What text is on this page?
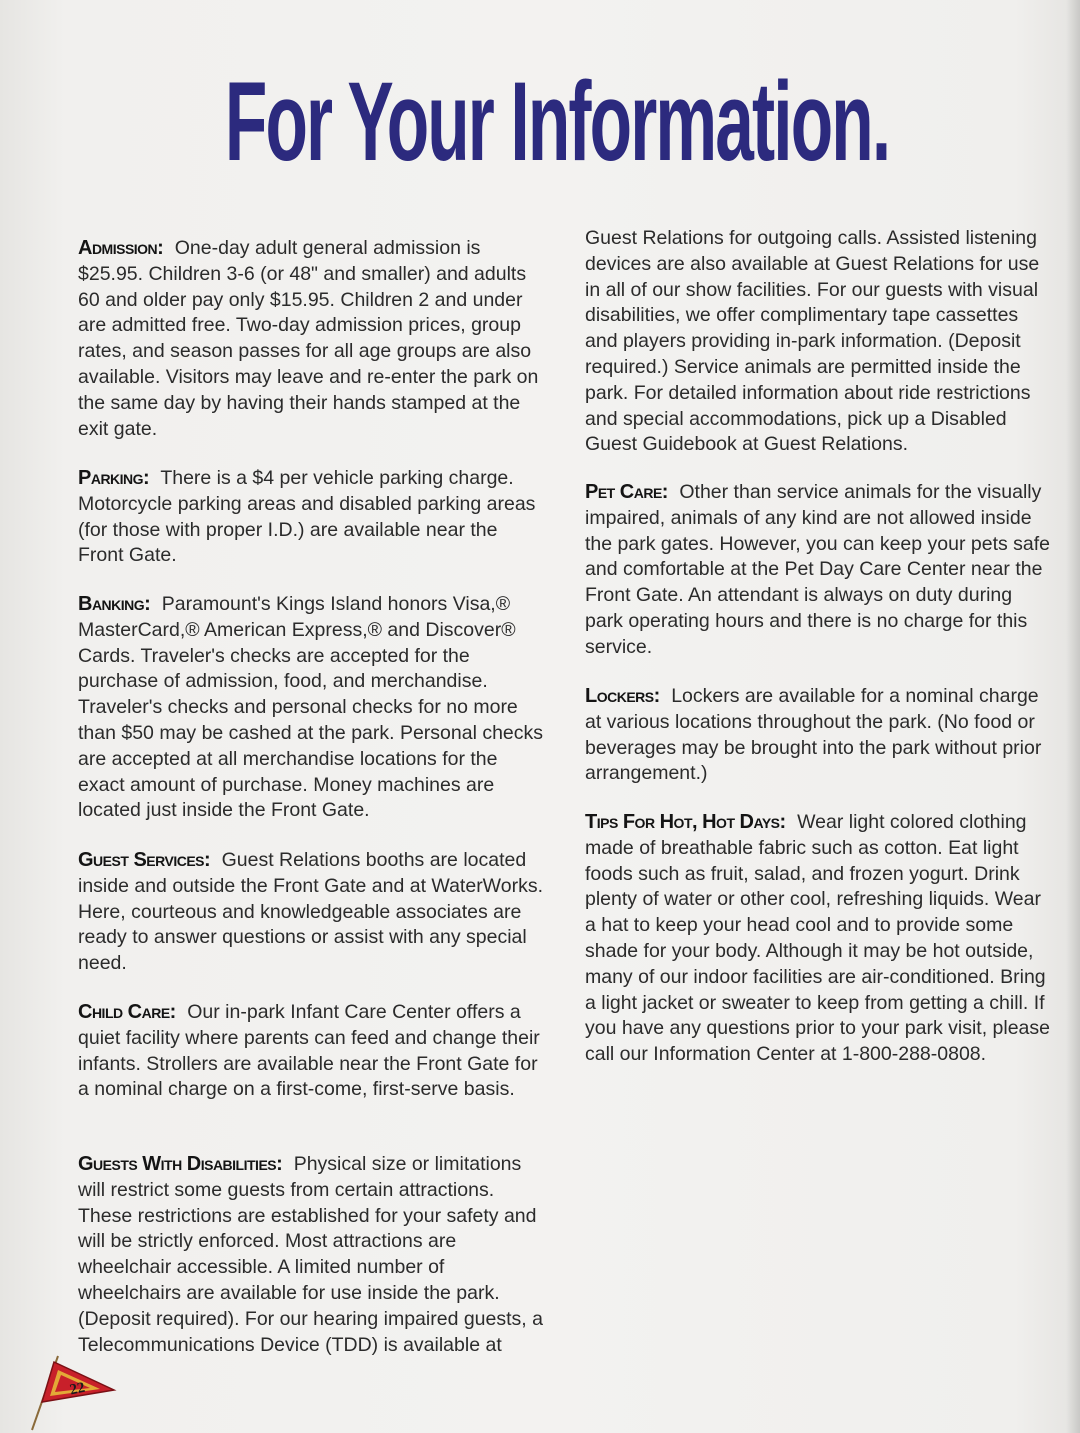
For Your Information.

Admission: One-day adult general admission is $25.95. Children 3-6 (or 48" and smaller) and adults 60 and older pay only $15.95. Children 2 and under are admitted free. Two-day admission prices, group rates, and season passes for all age groups are also available. Visitors may leave and re-enter the park on the same day by having their hands stamped at the exit gate.

Parking: There is a $4 per vehicle parking charge. Motorcycle parking areas and disabled parking areas (for those with proper I.D.) are available near the Front Gate.

Banking: Paramount's Kings Island honors Visa,® MasterCard,® American Express,® and Discover® Cards. Traveler's checks are accepted for the purchase of admission, food, and merchandise. Traveler's checks and personal checks for no more than $50 may be cashed at the park. Personal checks are accepted at all merchandise locations for the exact amount of purchase. Money machines are located just inside the Front Gate.

Guest Services: Guest Relations booths are located inside and outside the Front Gate and at WaterWorks. Here, courteous and knowledgeable associates are ready to answer questions or assist with any special need.

Child Care: Our in-park Infant Care Center offers a quiet facility where parents can feed and change their infants. Strollers are available near the Front Gate for a nominal charge on a first-come, first-serve basis.

Guests With Disabilities: Physical size or limitations will restrict some guests from certain attractions. These restrictions are established for your safety and will be strictly enforced. Most attractions are wheelchair accessible. A limited number of wheelchairs are available for use inside the park. (Deposit required). For our hearing impaired guests, a Telecommunications Device (TDD) is available at

Guest Relations for outgoing calls. Assisted listening devices are also available at Guest Relations for use in all of our show facilities. For our guests with visual disabilities, we offer complimentary tape cassettes and players providing in-park information. (Deposit required.) Service animals are permitted inside the park. For detailed information about ride restrictions and special accommodations, pick up a Disabled Guest Guidebook at Guest Relations.

Pet Care: Other than service animals for the visually impaired, animals of any kind are not allowed inside the park gates. However, you can keep your pets safe and comfortable at the Pet Day Care Center near the Front Gate. An attendant is always on duty during park operating hours and there is no charge for this service.

Lockers: Lockers are available for a nominal charge at various locations throughout the park. (No food or beverages may be brought into the park without prior arrangement.)

Tips For Hot, Hot Days: Wear light colored clothing made of breathable fabric such as cotton. Eat light foods such as fruit, salad, and frozen yogurt. Drink plenty of water or other cool, refreshing liquids. Wear a hat to keep your head cool and to provide some shade for your body. Although it may be hot outside, many of our indoor facilities are air-conditioned. Bring a light jacket or sweater to keep from getting a chill. If you have any questions prior to your park visit, please call our Information Center at 1-800-288-0808.

22
